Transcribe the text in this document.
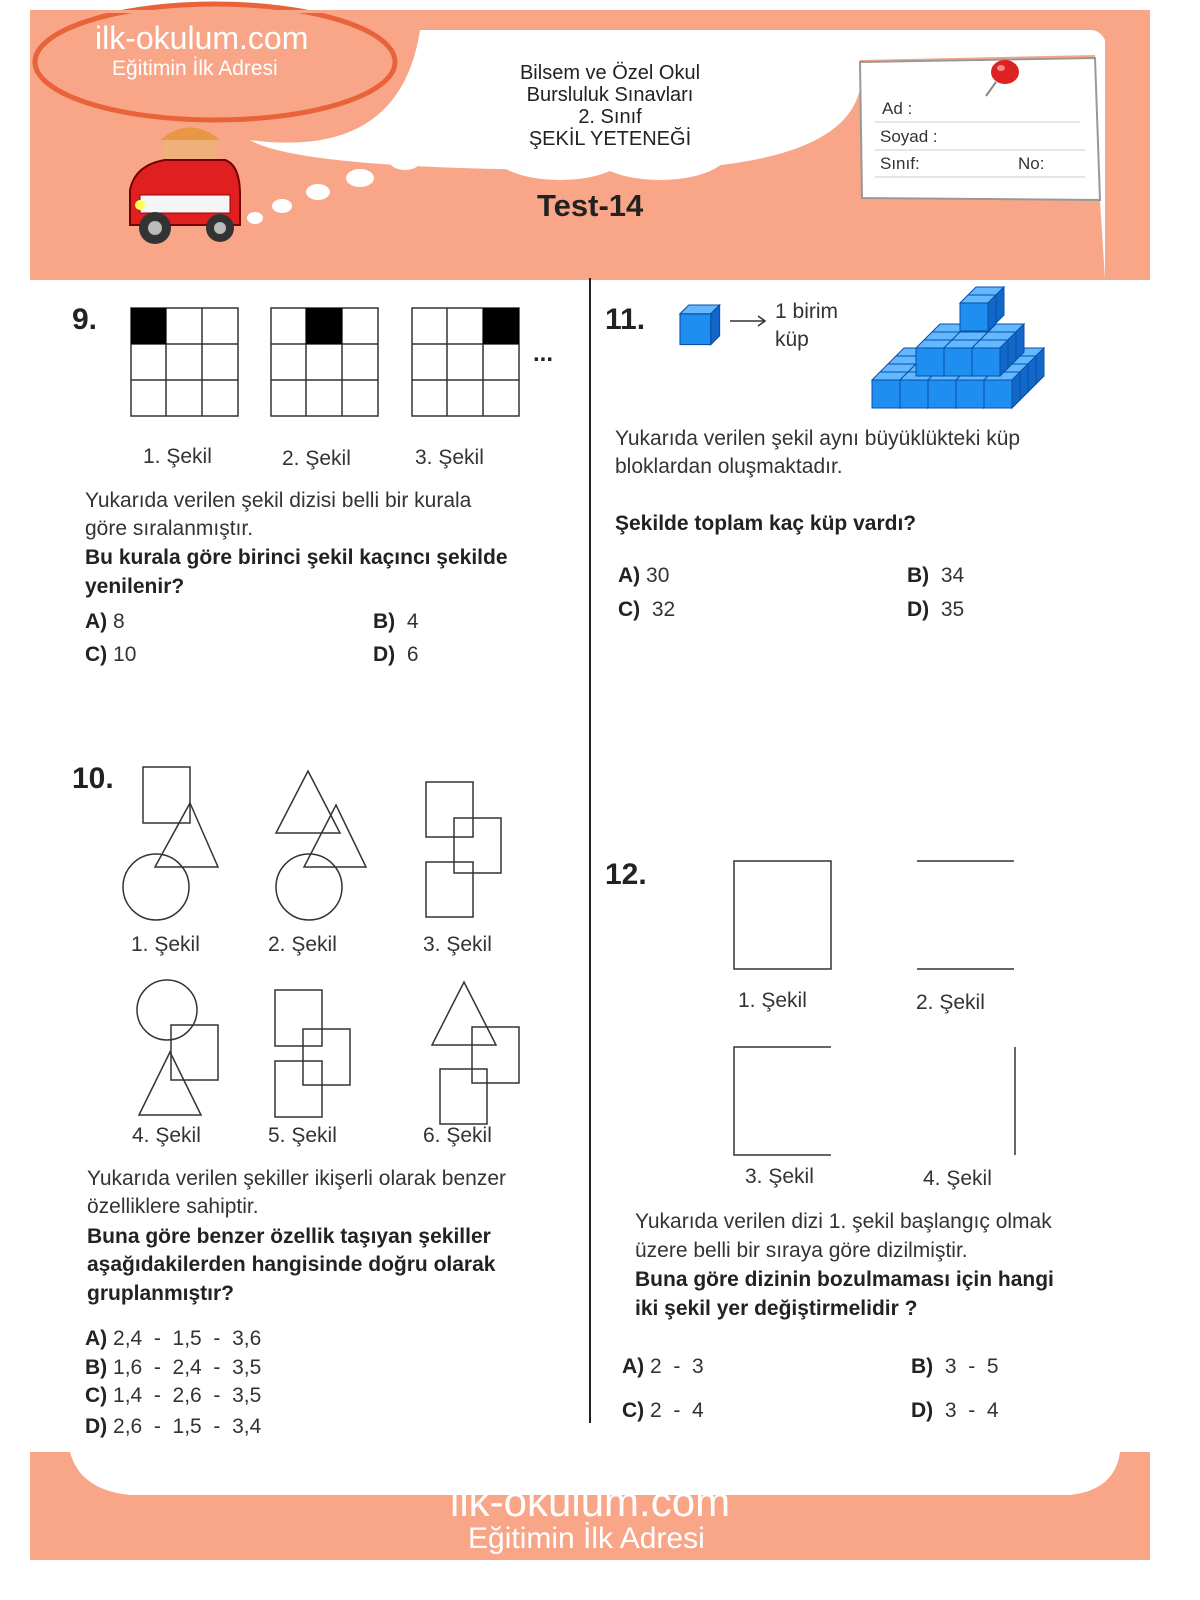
ilk-okulum.com
Eğitimin İlk Adresi	Bilsem ve Özel Okul
Bursluluk Sınavları
2. Sınıf
ŞEKİL YETENEĞİ
Test-14
Ad :
Soyad :
Sınıf:	No:
9.
...
1. Şekil	2. Şekil	3. Şekil
Yukarıda verilen şekil dizisi belli bir kurala
göre sıralanmıştır.
Bu kurala göre birinci şekil kaçıncı şekilde
yenilenir?
A) 8	B) 4
C) 10	D) 6
10.
1. Şekil	2. Şekil	3. Şekil
4. Şekil	5. Şekil	6. Şekil
Yukarıda verilen şekiller ikişerli olarak benzer
özelliklere sahiptir.
Buna göre benzer özellik taşıyan şekiller
aşağıdakilerden hangisinde doğru olarak
gruplanmıştır?
A) 2,4  -  1,5  -  3,6
B) 1,6  -  2,4  -  3,5
C) 1,4  -  2,6  -  3,5
D) 2,6  -  1,5  -  3,4
11.	1 birim
küp
Yukarıda verilen şekil aynı büyüklükteki küp
bloklardan oluşmaktadır.
Şekilde toplam kaç küp vardı?
A) 30	B) 34
C) 32	D) 35
12.
1. Şekil	2. Şekil
3. Şekil	4. Şekil
Yukarıda verilen dizi 1. şekil başlangıç olmak
üzere belli bir sıraya göre dizilmiştir.
Buna göre dizinin bozulmaması için hangi
iki şekil yer değiştirmelidir ?
A) 2  -  3	B) 3  -  5
C) 2  -  4	D) 3  -  4
ilk-okulum.com
Eğitimin İlk Adresi
